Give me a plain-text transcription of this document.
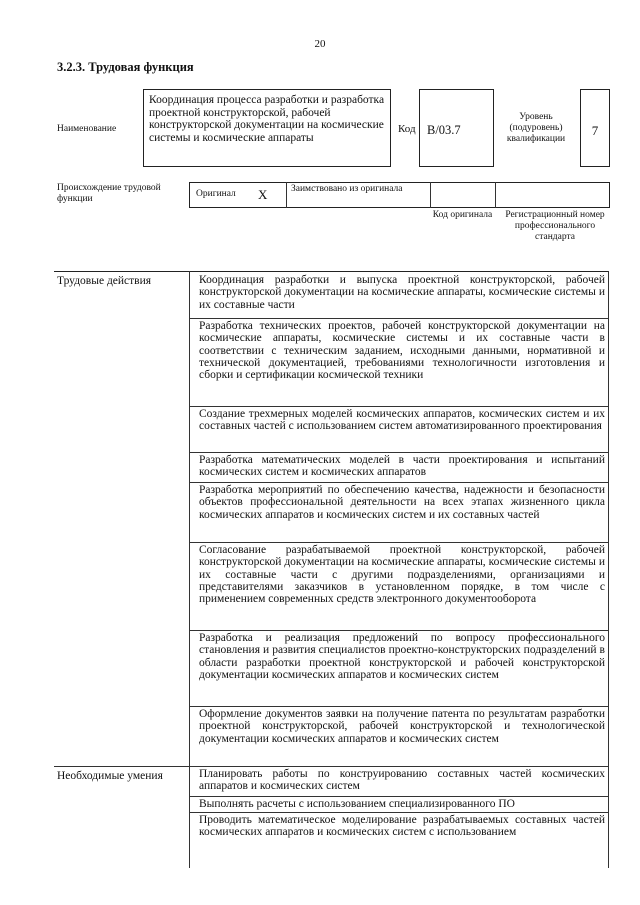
20
3.2.3. Трудовая функция
Наименование
Координация процесса разработки и разработка проектной конструкторской, рабочей конструкторской документации на космические системы и космические аппараты
Код B/03.7
Уровень (подуровень) квалификации
7
Происхождение трудовой функции	Оригинал X Заимствовано из оригинала
Код оригинала	Регистрационный номер профессионального стандарта
Трудовые действия
Необходимые умения
Координация разработки и выпуска проектной конструкторской, рабочей конструкторской документации на космические аппараты, космические системы и их составные части
Разработка технических проектов, рабочей конструкторской документации на космические аппараты, космические системы и их составные части в соответствии с техническим заданием, исходными данными, нормативной и технической документацией, требованиями технологичности изготовления и сборки и сертификации космической техники
Создание трехмерных моделей космических аппаратов, космических систем и их составных частей с использованием систем автоматизированного проектирования
Разработка математических моделей в части проектирования и испытаний космических систем и космических аппаратов
Разработка мероприятий по обеспечению качества, надежности и безопасности объектов профессиональной деятельности на всех этапах жизненного цикла космических аппаратов и космических систем и их составных частей
Согласование разрабатываемой проектной конструкторской, рабочей конструкторской документации на космические аппараты, космические системы и их составные части с другими подразделениями, организациями и представителями заказчиков в установленном порядке, в том числе с применением современных средств электронного документооборота
Разработка и реализация предложений по вопросу профессионального становления и развития специалистов проектно-конструкторских подразделений в области разработки проектной конструкторской и рабочей конструкторской документации космических аппаратов и космических систем
Оформление документов заявки на получение патента по результатам разработки проектной конструкторской, рабочей конструкторской и технологической документации космических аппаратов и космических систем
Планировать работы по конструированию составных частей космических аппаратов и космических систем
Выполнять расчеты с использованием специализированного ПО
Проводить математическое моделирование разрабатываемых составных частей космических аппаратов и космических систем с использованием
